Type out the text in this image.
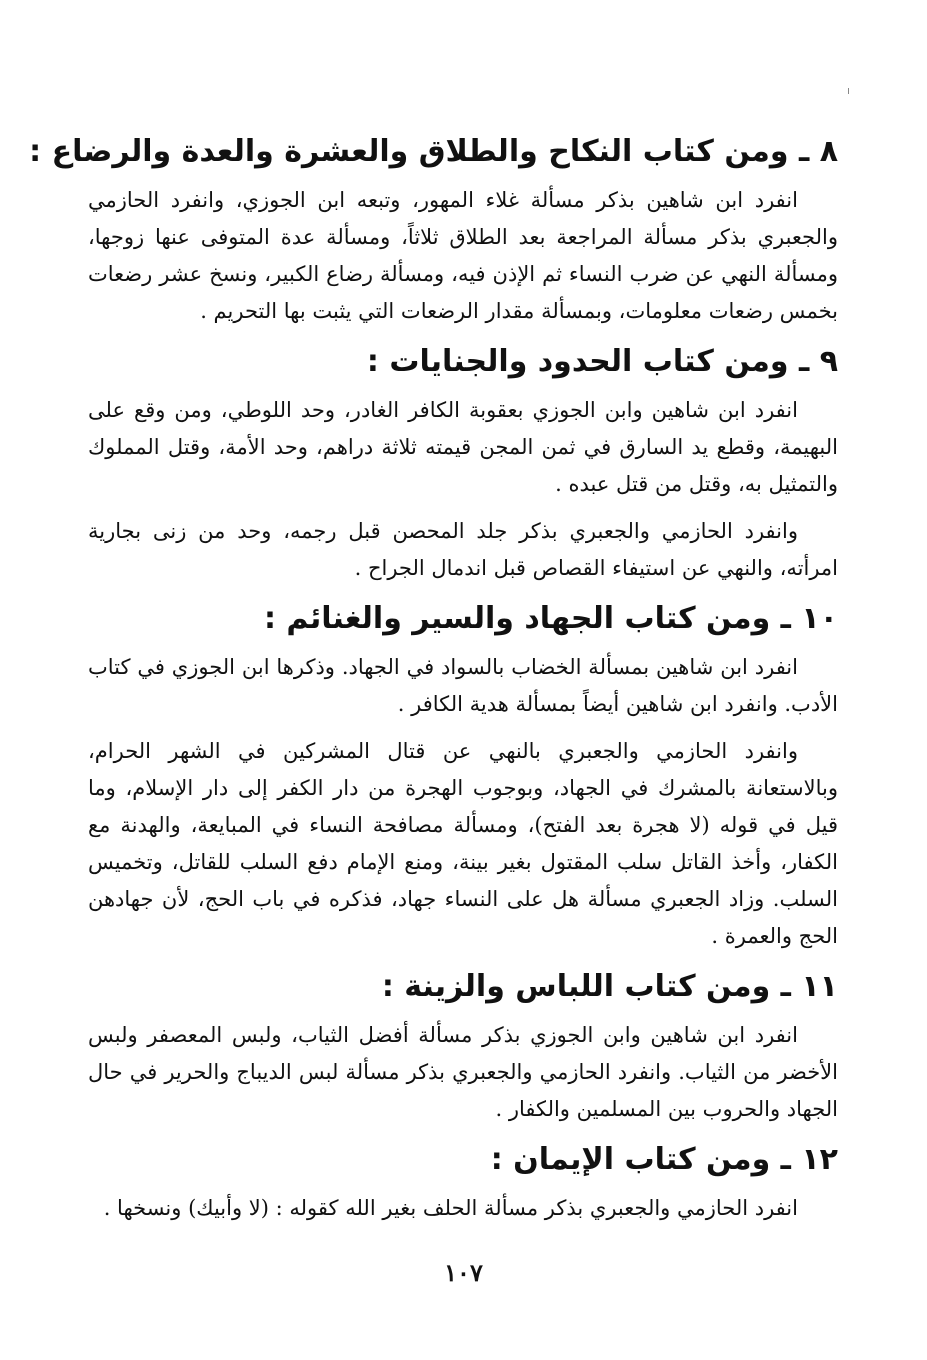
٨ ـ ومن كتاب النكاح والطلاق والعشرة والعدة والرضاع :

انفرد ابن شاهين بذكر مسألة غلاء المهور، وتبعه ابن الجوزي، وانفرد الحازمي والجعبري بذكر مسألة المراجعة بعد الطلاق ثلاثاً، ومسألة عدة المتوفى عنها زوجها، ومسألة النهي عن ضرب النساء ثم الإذن فيه، ومسألة رضاع الكبير، ونسخ عشر رضعات بخمس رضعات معلومات، وبمسألة مقدار الرضعات التي يثبت بها التحريم .

٩ ـ ومن كتاب الحدود والجنايات :

انفرد ابن شاهين وابن الجوزي بعقوبة الكافر الغادر، وحد اللوطي، ومن وقع على البهيمة، وقطع يد السارق في ثمن المجن قيمته ثلاثة دراهم، وحد الأمة، وقتل المملوك والتمثيل به، وقتل من قتل عبده .

وانفرد الحازمي والجعبري بذكر جلد المحصن قبل رجمه، وحد من زنى بجارية امرأته، والنهي عن استيفاء القصاص قبل اندمال الجراح .

١٠ ـ ومن كتاب الجهاد والسير والغنائم :

انفرد ابن شاهين بمسألة الخضاب بالسواد في الجهاد. وذكرها ابن الجوزي في كتاب الأدب. وانفرد ابن شاهين أيضاً بمسألة هدية الكافر .

وانفرد الحازمي والجعبري بالنهي عن قتال المشركين في الشهر الحرام، وبالاستعانة بالمشرك في الجهاد، وبوجوب الهجرة من دار الكفر إلى دار الإسلام، وما قيل في قوله (لا هجرة بعد الفتح)، ومسألة مصافحة النساء في المبايعة، والهدنة مع الكفار، وأخذ القاتل سلب المقتول بغير بينة، ومنع الإمام دفع السلب للقاتل، وتخميس السلب. وزاد الجعبري مسألة هل على النساء جهاد، فذكره في باب الحج، لأن جهادهن الحج والعمرة .

١١ ـ ومن كتاب اللباس والزينة :

انفرد ابن شاهين وابن الجوزي بذكر مسألة أفضل الثياب، ولبس المعصفر ولبس الأخضر من الثياب. وانفرد الحازمي والجعبري بذكر مسألة لبس الديباج والحرير في حال الجهاد والحروب بين المسلمين والكفار .

١٢ ـ ومن كتاب الإيمان :

انفرد الحازمي والجعبري بذكر مسألة الحلف بغير الله كقوله : (لا وأبيك) ونسخها .

١٠٧
